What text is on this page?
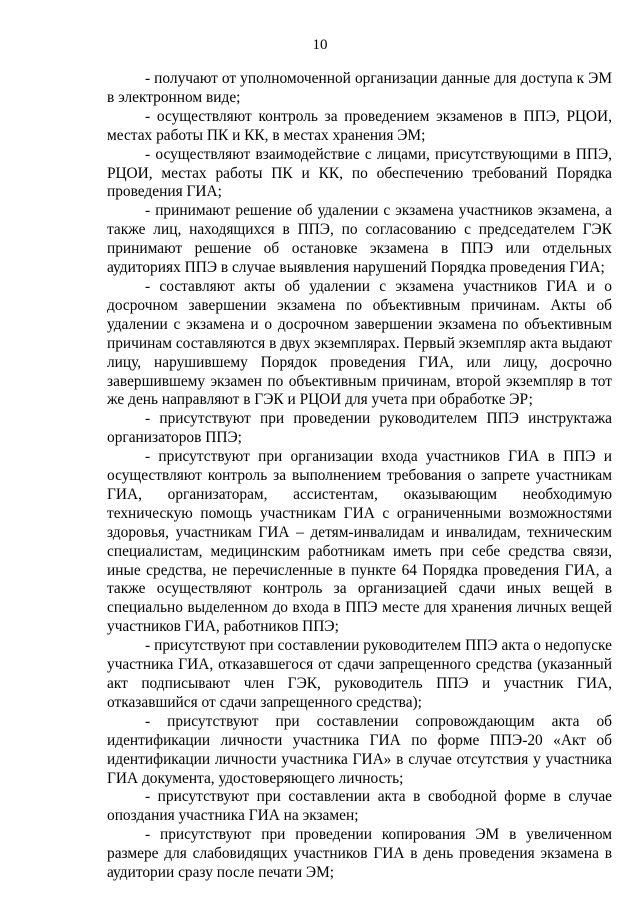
10

- получают от уполномоченной организации данные для доступа к ЭМ в электронном виде;

- осуществляют контроль за проведением экзаменов в ППЭ, РЦОИ, местах работы ПК и КК, в местах хранения ЭМ;

- осуществляют взаимодействие с лицами, присутствующими в ППЭ, РЦОИ, местах работы ПК и КК, по обеспечению требований Порядка проведения ГИА;

- принимают решение об удалении с экзамена участников экзамена, а также лиц, находящихся в ППЭ, по согласованию с председателем ГЭК принимают решение об остановке экзамена в ППЭ или отдельных аудиториях ППЭ в случае выявления нарушений Порядка проведения ГИА;

- составляют акты об удалении с экзамена участников ГИА и о досрочном завершении экзамена по объективным причинам. Акты об удалении с экзамена и о досрочном завершении экзамена по объективным причинам составляются в двух экземплярах. Первый экземпляр акта выдают лицу, нарушившему Порядок проведения ГИА, или лицу, досрочно завершившему экзамен по объективным причинам, второй экземпляр в тот же день направляют в ГЭК и РЦОИ для учета при обработке ЭР;

- присутствуют при проведении руководителем ППЭ инструктажа организаторов ППЭ;

- присутствуют при организации входа участников ГИА в ППЭ и осуществляют контроль за выполнением требования о запрете участникам ГИА, организаторам, ассистентам, оказывающим необходимую техническую помощь участникам ГИА с ограниченными возможностями здоровья, участникам ГИА – детям-инвалидам и инвалидам, техническим специалистам, медицинским работникам иметь при себе средства связи, иные средства, не перечисленные в пункте 64 Порядка проведения ГИА, а также осуществляют контроль за организацией сдачи иных вещей в специально выделенном до входа в ППЭ месте для хранения личных вещей участников ГИА, работников ППЭ;

- присутствуют при составлении руководителем ППЭ акта о недопуске участника ГИА, отказавшегося от сдачи запрещенного средства (указанный акт подписывают член ГЭК, руководитель ППЭ и участник ГИА, отказавшийся от сдачи запрещенного средства);

- присутствуют при составлении сопровождающим акта об идентификации личности участника ГИА по форме ППЭ-20 «Акт об идентификации личности участника ГИА» в случае отсутствия у участника ГИА документа, удостоверяющего личность;

- присутствуют при составлении акта в свободной форме в случае опоздания участника ГИА на экзамен;

- присутствуют при проведении копирования ЭМ в увеличенном размере для слабовидящих участников ГИА в день проведения экзамена в аудитории сразу после печати ЭМ;
